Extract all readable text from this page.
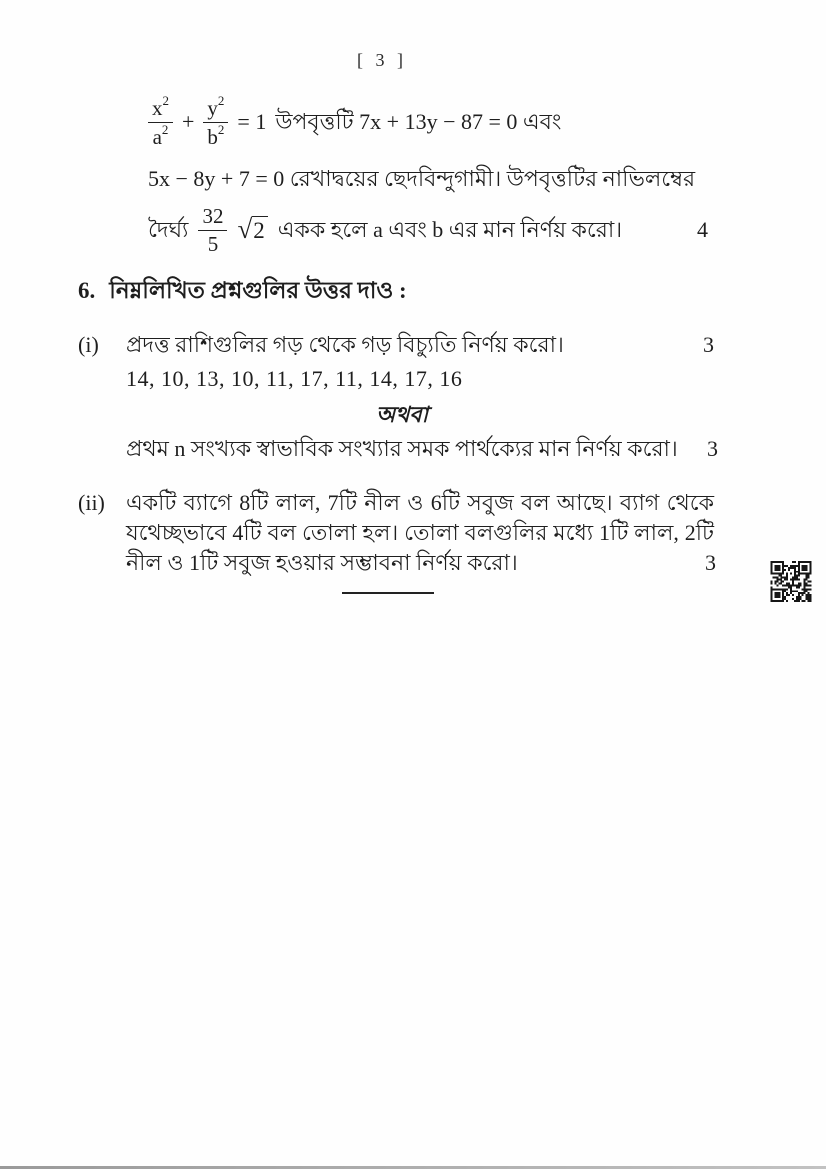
[ 3 ]
$\frac{x^2}{a^2} + \frac{y^2}{b^2} = 1$ উপবৃত্তটি 7x + 13y − 87 = 0 এবং
5x − 8y + 7 = 0 রেখাদ্বয়ের ছেদবিন্দুগামী। উপবৃত্তটির নাভিলম্বের
দৈর্ঘ্য $\frac{32}{5}$ √ 2 একক হলে a এবং b এর মান নির্ণয় করো।	4
6. নিম্নলিখিত প্রশ্নগুলির উত্তর দাও :
(i)	প্রদত্ত রাশিগুলির গড় থেকে গড় বিচ্যুতি নির্ণয় করো।	3
14, 10, 13, 10, 11, 17, 11, 14, 17, 16
অথবা
প্রথম n সংখ্যক স্বাভাবিক সংখ্যার সমক পার্থক্যের মান নির্ণয় করো। 3
(ii) একটি ব্যাগে 8টি লাল, 7টি নীল ও 6টি সবুজ বল আছে। ব্যাগ থেকে যথেচ্ছভাবে 4টি বল তোলা হল। তোলা বলগুলির মধ্যে 1টি লাল, 2টি নীল ও 1টি সবুজ হওয়ার সম্ভাবনা নির্ণয় করো।	3
